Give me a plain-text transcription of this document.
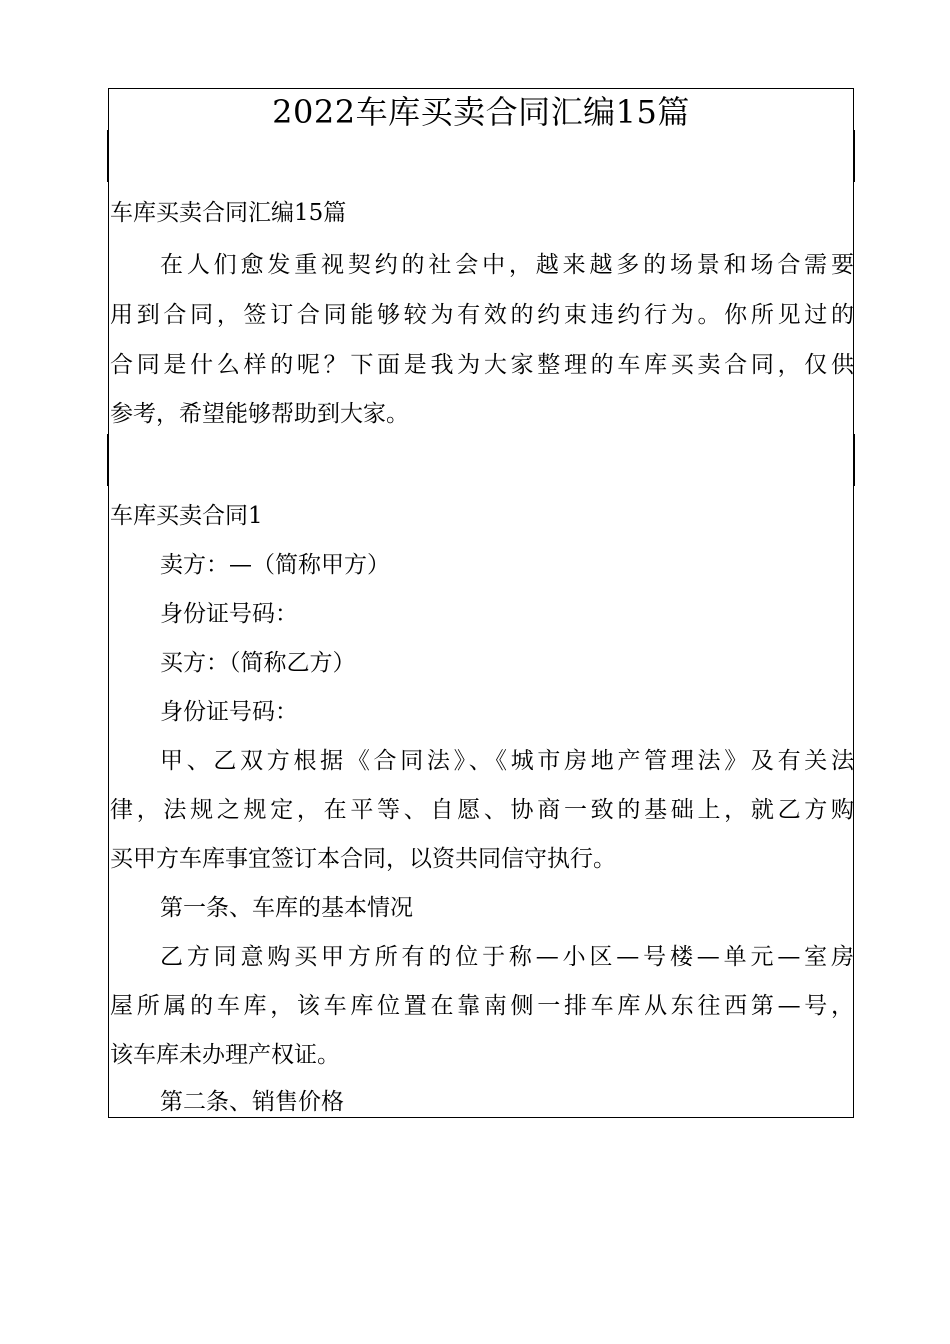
2022车库买卖合同汇编15篇
车库买卖合同汇编15篇
在人们愈发重视契约的社会中，越来越多的场景和场合需要
用到合同，签订合同能够较为有效的约束违约行为。你所见过的
合同是什么样的呢？下面是我为大家整理的车库买卖合同，仅供
参考，希望能够帮助到大家。
车库买卖合同1
卖方：—（简称甲方）
身份证号码：
买方：（简称乙方）
身份证号码：
甲、乙双方根据《合同法》、《城市房地产管理法》及有关法
律，法规之规定，在平等、自愿、协商一致的基础上，就乙方购
买甲方车库事宜签订本合同，以资共同信守执行。
第一条、车库的基本情况
乙方同意购买甲方所有的位于称—小区—号楼—单元—室房
屋所属的车库，该车库位置在靠南侧一排车库从东往西第—号，
该车库未办理产权证。
第二条、销售价格
